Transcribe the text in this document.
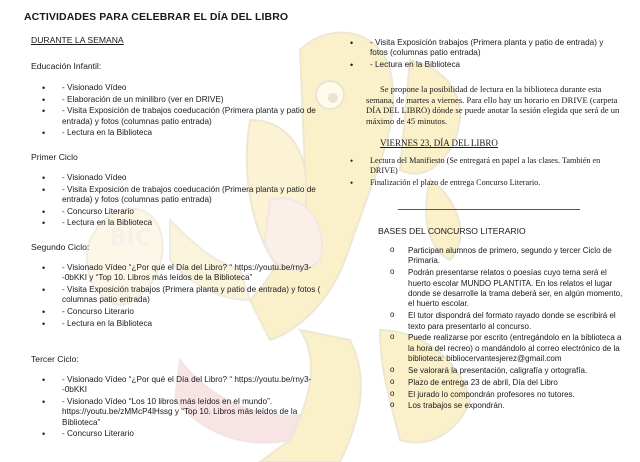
BIC
ACTIVIDADES PARA CELEBRAR EL DÍA DEL LIBRO
DURANTE LA SEMANA
Educación Infantil:
• - Visionado Vídeo
• - Elaboración de un minilibro (ver en DRIVE)
• - Visita Exposición de trabajos coeducación (Primera planta y patio de entrada) y fotos (columnas patio entrada)
• - Lectura en la Biblioteca
Primer Ciclo
• - Visionado Vídeo
• - Visita Exposición de trabajos coeducación (Primera planta y patio de entrada) y fotos (columnas patio entrada)
• - Concurso Literario
• - Lectura en la Biblioteca
Segundo Ciclo:
• - Visionado Vídeo “¿Por qué el Día del Libro? “ https://youtu.be/rny3--0bKKI y “Top 10. Libros más leídos de la Biblioteca”
• - Visita Exposición trabajos (Primera planta y patio de entrada) y fotos ( columnas patio entrada)
• - Concurso Literario
• - Lectura en la Biblioteca
Tercer Ciclo:
• - Visionado Vídeo “¿Por qué el Día del Libro? “ https://youtu.be/rny3--0bKKI
• - Visionado Vídeo “Los 10 libros más leídos en el mundo”. https://youtu.be/zMMcP4lHssg y “Top 10. Libros más leídos de la Biblioteca”
• - Concurso Literario
• - Visita Exposición trabajos (Primera planta y patio de entrada) y fotos (columnas patio entrada)
• - Lectura en la Biblioteca
Se propone la posibilidad de lectura en la biblioteca durante esta semana, de martes a viernes. Para ello hay un horario en DRIVE (carpeta DÍA DEL LIBRO) dónde se puede anotar la sesión elegida que será de un máximo de 45 minutos.
VIERNES 23, DÍA DEL LIBRO
• Lectura del Manifiesto (Se entregará en papel a las clases. También en DRIVE)
• Finalización el plazo de entrega Concurso Literario.
BASES DEL CONCURSO LITERARIO
o Participan alumnos de primero, segundo y tercer Ciclo de Primaria.
o Podrán presentarse relatos o poesías cuyo tema será el huerto escolar MUNDO PLANTITA. En los relatos el lugar donde se desarrolle la trama deberá ser, en algún momento, el huerto escolar.
o El tutor dispondrá del formato rayado donde se escribirá el texto para presentarlo al concurso.
o Puede realizarse por escrito (entregándolo en la biblioteca a la hora del recreo) o mandándolo al correo electrónico de la biblioteca: bibliocervantesjerez@gmail.com
o Se valorará la presentación, caligrafía y ortografía.
o Plazo de entrega 23 de abril, Día del Libro
o El jurado lo compondrán profesores no tutores.
o Los trabajos se expondrán.
